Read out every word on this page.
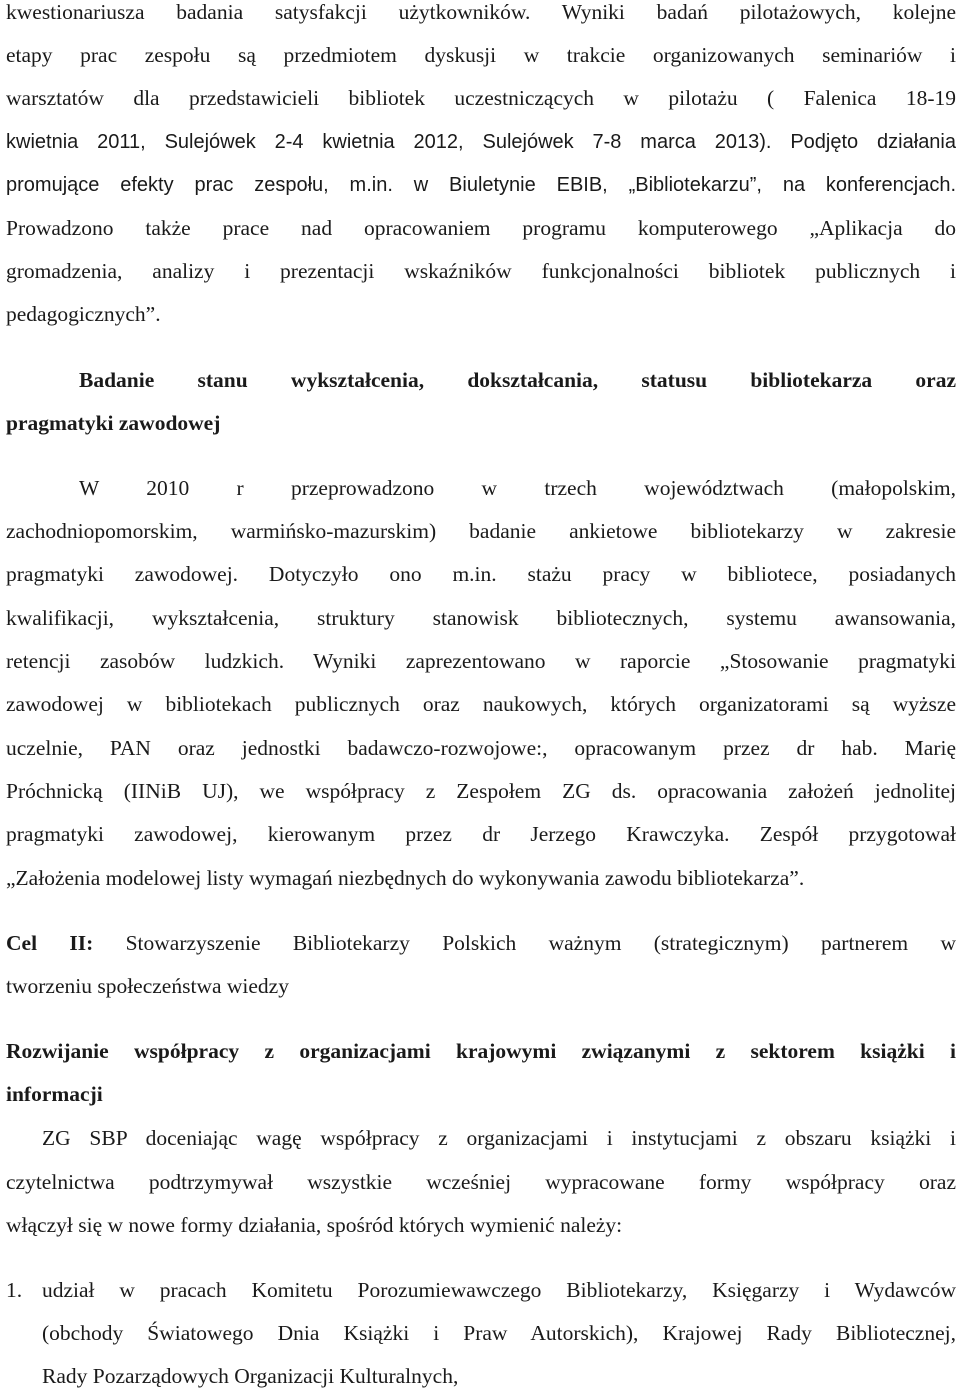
kwestionariusza badania satysfakcji użytkowników. Wyniki badań pilotażowych, kolejne
etapy prac zespołu są przedmiotem dyskusji w trakcie organizowanych seminariów i
warsztatów dla przedstawicieli bibliotek uczestniczących w pilotażu ( Falenica 18-19
kwietnia 2011, Sulejówek 2-4 kwietnia 2012, Sulejówek 7-8 marca 2013). Podjęto działania
promujące efekty prac zespołu, m.in. w Biuletynie EBIB, „Bibliotekarzu”, na konferencjach.
Prowadzono także prace nad opracowaniem programu komputerowego „Aplikacja do
gromadzenia, analizy i prezentacji wskaźników funkcjonalności bibliotek publicznych i
pedagogicznych”.
Badanie stanu wykształcenia, dokształcania, statusu bibliotekarza oraz
pragmatyki zawodowej
W 2010 r przeprowadzono w trzech województwach (małopolskim,
zachodniopomorskim, warmińsko-mazurskim) badanie ankietowe bibliotekarzy w zakresie
pragmatyki zawodowej. Dotyczyło ono m.in. stażu pracy w bibliotece, posiadanych
kwalifikacji, wykształcenia, struktury stanowisk bibliotecznych, systemu awansowania,
retencji zasobów ludzkich. Wyniki zaprezentowano w raporcie „Stosowanie pragmatyki
zawodowej w bibliotekach publicznych oraz naukowych, których organizatorami są wyższe
uczelnie, PAN oraz jednostki badawczo-rozwojowe:, opracowanym przez dr hab. Marię
Próchnicką (IINiB UJ), we współpracy z Zespołem ZG ds. opracowania założeń jednolitej
pragmatyki zawodowej, kierowanym przez dr Jerzego Krawczyka. Zespół przygotował
„Założenia modelowej listy wymagań niezbędnych do wykonywania zawodu bibliotekarza”.
Cel II: Stowarzyszenie Bibliotekarzy Polskich ważnym (strategicznym) partnerem w
tworzeniu społeczeństwa wiedzy
Rozwijanie współpracy z organizacjami krajowymi związanymi z sektorem książki i
informacji
ZG SBP doceniając wagę współpracy z organizacjami i instytucjami z obszaru książki i
czytelnictwa podtrzymywał wszystkie wcześniej wypracowane formy współpracy oraz
włączył się w nowe formy działania, spośród których wymienić należy:
1. udział w pracach Komitetu Porozumiewawczego Bibliotekarzy, Księgarzy i Wydawców
(obchody Światowego Dnia Książki i Praw Autorskich), Krajowej Rady Bibliotecznej,
Rady Pozarządowych Organizacji Kulturalnych,
